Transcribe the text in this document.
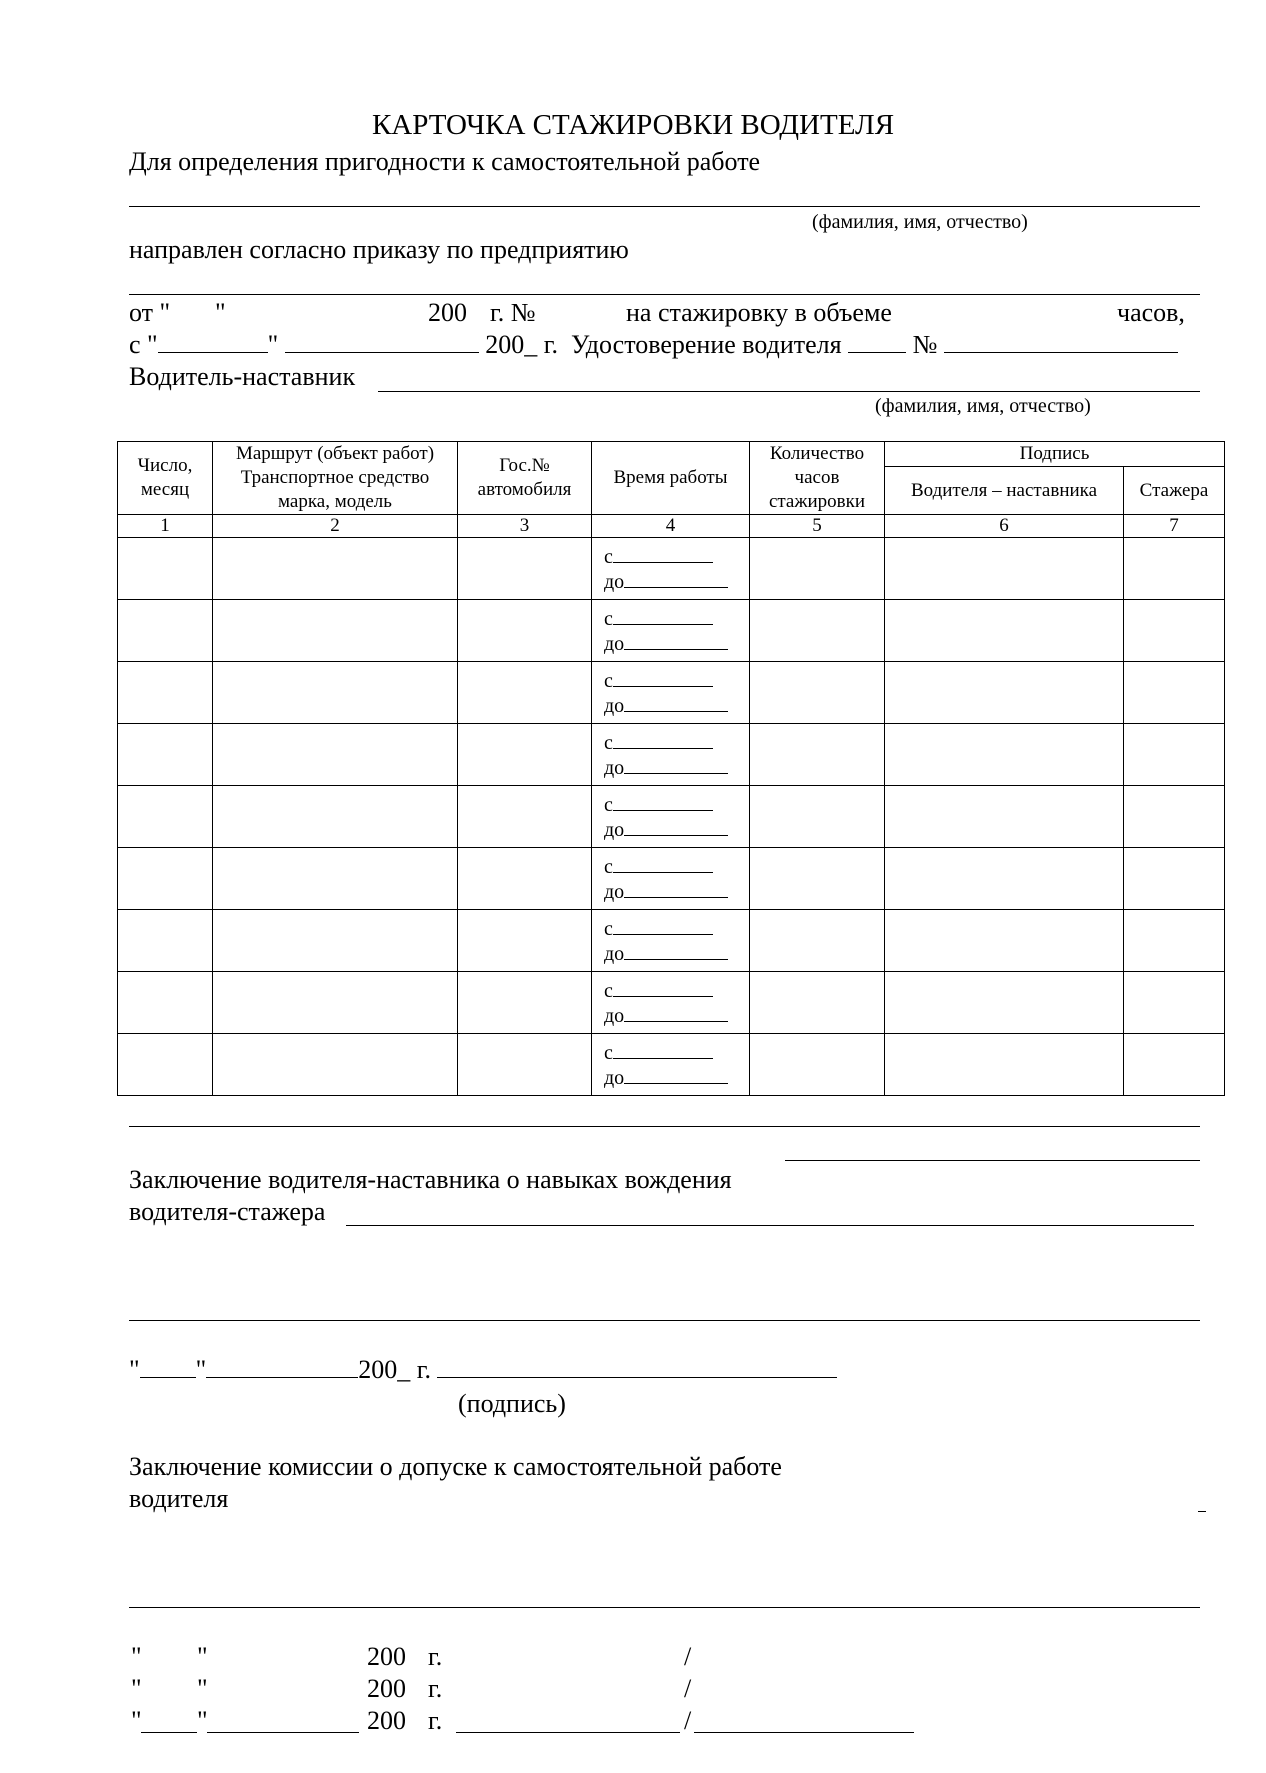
КАРТОЧКА СТАЖИРОВКИ ВОДИТЕЛЯ
Для определения пригодности к самостоятельной работе
(фамилия, имя, отчество)
направлен согласно приказу по предприятию
от " "	200 г. №	на стажировку в объеме	часов,
с "	"	200_ г. Удостоверение водителя	№
Водитель-наставник
(фамилия, имя, отчество)
Число, месяц	Маршрут (объект работ) Транспортное средство марка, модель	Гос.№ автомобиля	Время работы	Количество часов стажировки	Подпись	
					Водителя – наставника	Стажера
1	2	3	4	5	6	7

			с
до			

			с
до			

			с
до			

			с
до			

			с
до			

			с
до			

			с
до			

			с
до			

			с
до			

Заключение водителя-наставника о навыках вождения
водителя-стажера
" "	200_ г.
(подпись)
Заключение комиссии о допуске к самостоятельной работе
водителя
" "	200 г.	/
" "	200 г.	/
" "	200 г.	/
